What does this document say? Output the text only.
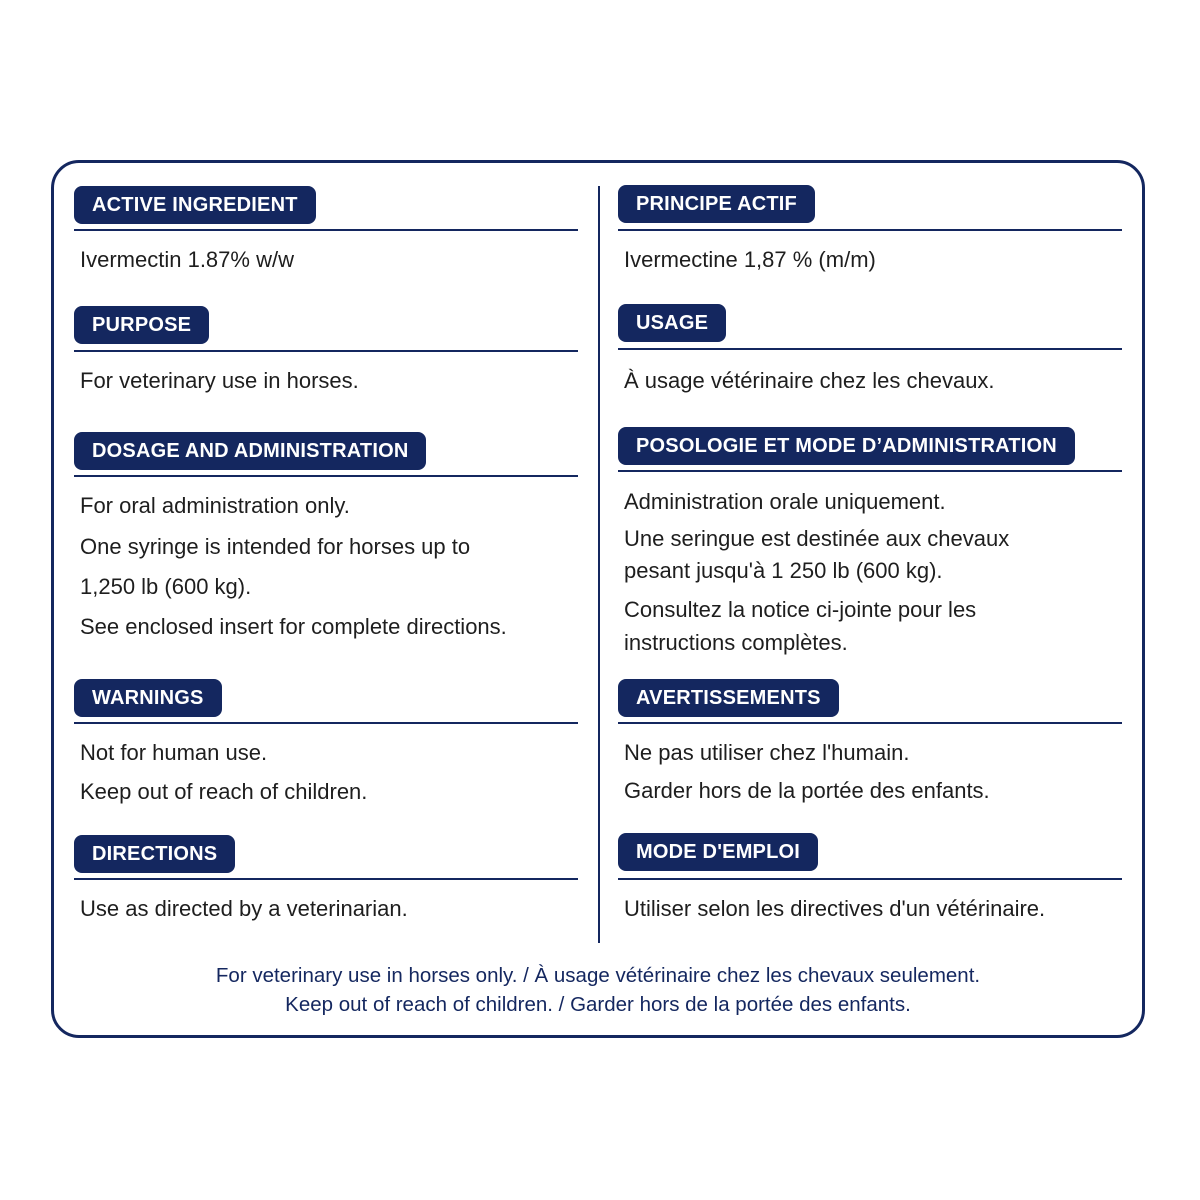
ACTIVE INGREDIENT
Ivermectin 1.87% w/w
PURPOSE
For veterinary use in horses.
DOSAGE AND ADMINISTRATION
For oral administration only.
One syringe is intended for horses up to
1,250 lb (600 kg).
See enclosed insert for complete directions.
WARNINGS
Not for human use.
Keep out of reach of children.
DIRECTIONS
Use as directed by a veterinarian.
PRINCIPE ACTIF
Ivermectine 1,87 % (m/m)
USAGE
À usage vétérinaire chez les chevaux.
POSOLOGIE ET MODE D’ADMINISTRATION
Administration orale uniquement.
Une seringue est destinée aux chevaux
pesant jusqu'à 1 250 lb (600 kg).
Consultez la notice ci-jointe pour les
instructions complètes.
AVERTISSEMENTS
Ne pas utiliser chez l'humain.
Garder hors de la portée des enfants.
MODE D'EMPLOI
Utiliser selon les directives d'un vétérinaire.
For veterinary use in horses only. / À usage vétérinaire chez les chevaux seulement.
Keep out of reach of children. / Garder hors de la portée des enfants.
